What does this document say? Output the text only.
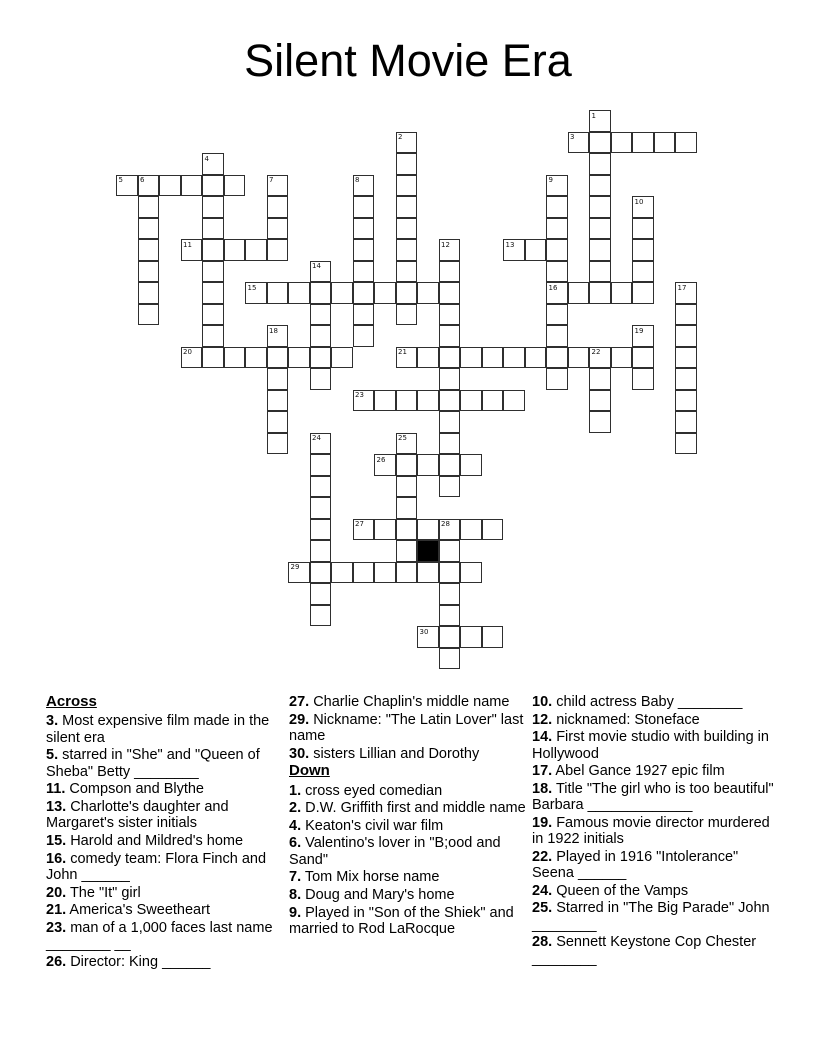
Silent Movie Era
1
2	3
4
5 6	7	8	9
16
10
11	12	13
14
15	17
18	19
20	21	22
23
24	25
26
27	28
29
30
Across
3. Most expensive film made in the silent era
5. starred in "She" and "Queen of Sheba" Betty ________
11. Compson and Blythe
13. Charlotte's daughter and Margaret's sister initials
15. Harold and Mildred's home
16. comedy team: Flora Finch and John ______
20. The "It" girl
21. America's Sweetheart
23. man of a 1,000 faces last name ________ __
26. Director: King ______
27. Charlie Chaplin's middle name
29. Nickname: "The Latin Lover" last name
30. sisters Lillian and Dorothy
Down
1. cross eyed comedian
2. D.W. Griffith first and middle name
4. Keaton's civil war film
6. Valentino's lover in "B;ood and Sand"
7. Tom Mix horse name
8. Doug and Mary's home
9. Played in "Son of the Shiek" and married to Rod LaRocque
10. child actress Baby ________
12. nicknamed: Stoneface
14. First movie studio with building in Hollywood
17. Abel Gance 1927 epic film
18. Title "The girl who is too beautiful" Barbara _____________
19. Famous movie director murdered in 1922 initials
22. Played in 1916 "Intolerance" Seena ______
24. Queen of the Vamps
25. Starred in "The Big Parade" John ________
28. Sennett Keystone Cop Chester ________
